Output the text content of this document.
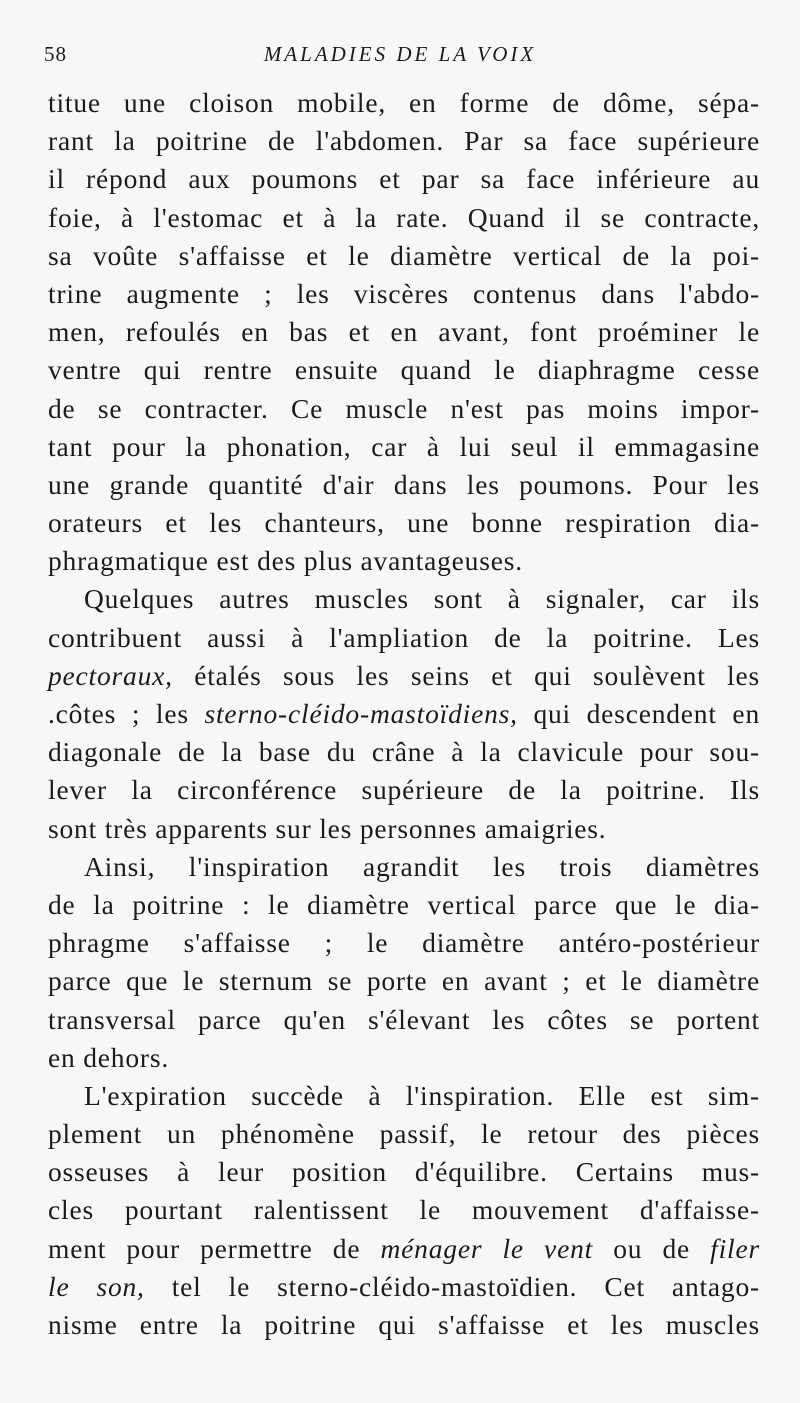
58	MALADIES DE LA VOIX
titue une cloison mobile, en forme de dôme, sépa-
rant la poitrine de l'abdomen. Par sa face supérieure
il répond aux poumons et par sa face inférieure au
foie, à l'estomac et à la rate. Quand il se contracte,
sa voûte s'affaisse et le diamètre vertical de la poi-
trine augmente ; les viscères contenus dans l'abdo-
men, refoulés en bas et en avant, font proéminer le
ventre qui rentre ensuite quand le diaphragme cesse
de se contracter. Ce muscle n'est pas moins impor-
tant pour la phonation, car à lui seul il emmagasine
une grande quantité d'air dans les poumons. Pour les
orateurs et les chanteurs, une bonne respiration dia-
phragmatique est des plus avantageuses.
Quelques autres muscles sont à signaler, car ils
contribuent aussi à l'ampliation de la poitrine. Les
pectoraux, étalés sous les seins et qui soulèvent les
.côtes ; les sterno-cléido-mastoïdiens, qui descendent en
diagonale de la base du crâne à la clavicule pour sou-
lever la circonférence supérieure de la poitrine. Ils
sont très apparents sur les personnes amaigries.
Ainsi, l'inspiration agrandit les trois diamètres
de la poitrine : le diamètre vertical parce que le dia-
phragme s'affaisse ; le diamètre antéro-postérieur
parce que le sternum se porte en avant ; et le diamètre
transversal parce qu'en s'élevant les côtes se portent
en dehors.
L'expiration succède à l'inspiration. Elle est sim-
plement un phénomène passif, le retour des pièces
osseuses à leur position d'équilibre. Certains mus-
cles pourtant ralentissent le mouvement d'affaisse-
ment pour permettre de ménager le vent ou de filer
le son, tel le sterno-cléido-mastoïdien. Cet antago-
nisme entre la poitrine qui s'affaisse et les muscles
